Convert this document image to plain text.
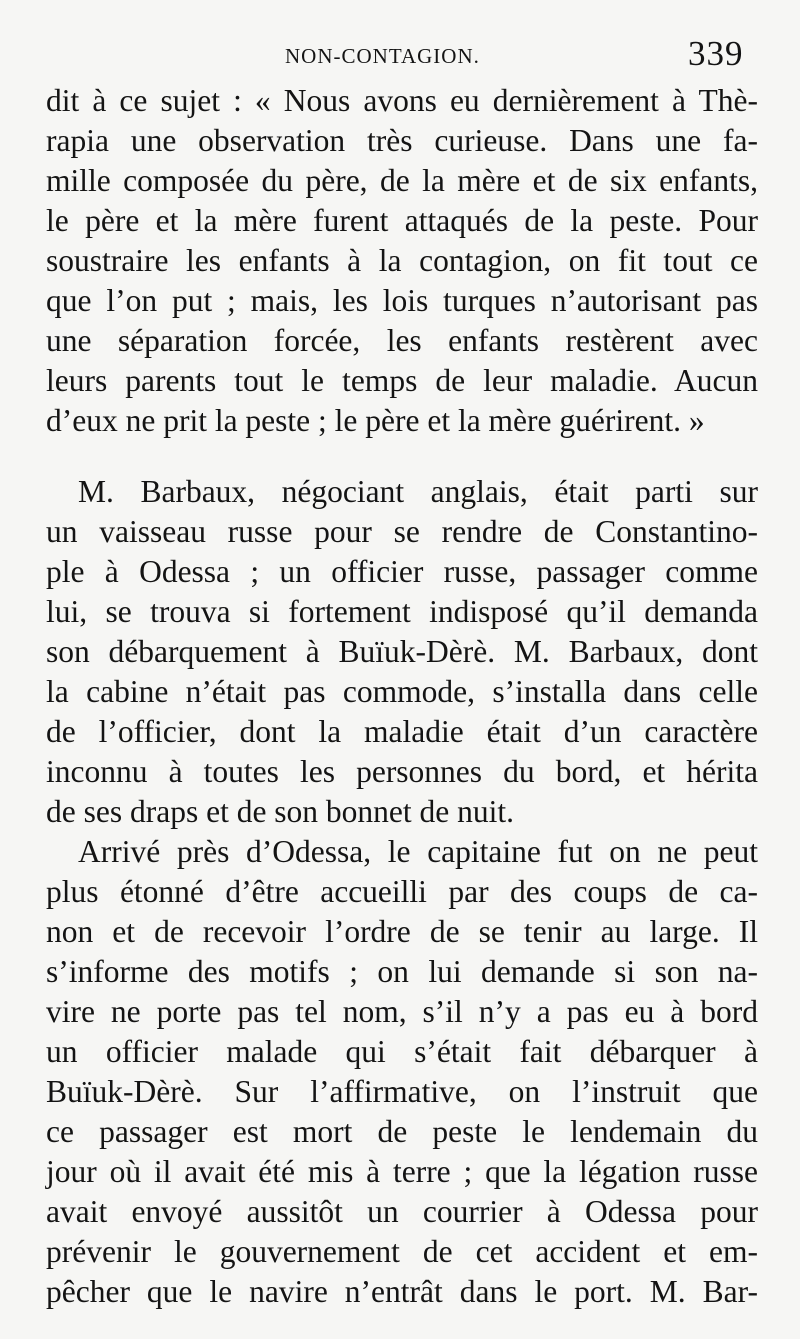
NON-CONTAGION.	339
dit à ce sujet : « Nous avons eu dernièrement à Thè-
rapia une observation très curieuse. Dans une fa-
mille composée du père, de la mère et de six enfants,
le père et la mère furent attaqués de la peste. Pour
soustraire les enfants à la contagion, on fit tout ce
que l’on put ; mais, les lois turques n’autorisant pas
une séparation forcée, les enfants restèrent avec
leurs parents tout le temps de leur maladie. Aucun
d’eux ne prit la peste ; le père et la mère guérirent. »
M. Barbaux, négociant anglais, était parti sur
un vaisseau russe pour se rendre de Constantino-
ple à Odessa ; un officier russe, passager comme
lui, se trouva si fortement indisposé qu’il demanda
son débarquement à Buïuk-Dèrè. M. Barbaux, dont
la cabine n’était pas commode, s’installa dans celle
de l’officier, dont la maladie était d’un caractère
inconnu à toutes les personnes du bord, et hérita
de ses draps et de son bonnet de nuit.
Arrivé près d’Odessa, le capitaine fut on ne peut
plus étonné d’être accueilli par des coups de ca-
non et de recevoir l’ordre de se tenir au large. Il
s’informe des motifs ; on lui demande si son na-
vire ne porte pas tel nom, s’il n’y a pas eu à bord
un officier malade qui s’était fait débarquer à
Buïuk-Dèrè. Sur l’affirmative, on l’instruit que
ce passager est mort de peste le lendemain du
jour où il avait été mis à terre ; que la légation russe
avait envoyé aussitôt un courrier à Odessa pour
prévenir le gouvernement de cet accident et em-
pêcher que le navire n’entrât dans le port. M. Bar-
